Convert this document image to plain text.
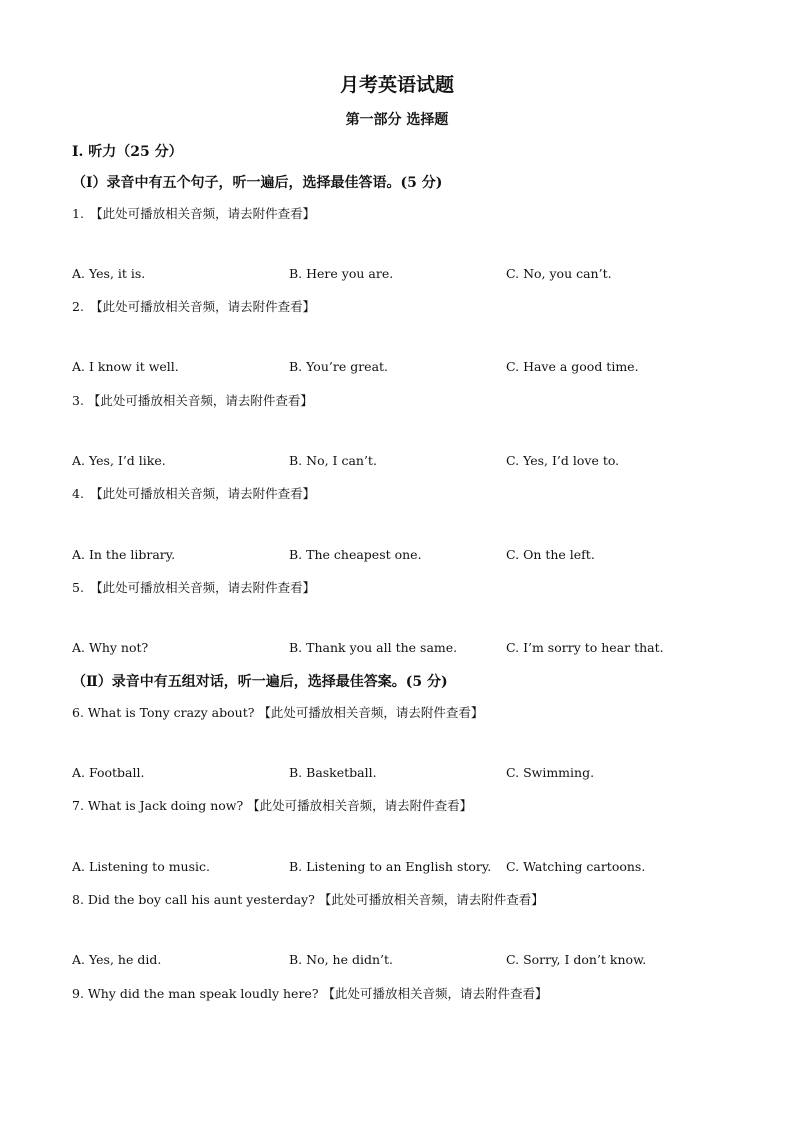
月考英语试题
第一部分 选择题
Ⅰ. 听力（25 分）
（Ⅰ）录音中有五个句子，听一遍后，选择最佳答语。(5 分)
1.　【此处可播放相关音频，请去附件查看】
A. Yes, it is.	B. Here you are.	C. No, you can’t.
2.　【此处可播放相关音频，请去附件查看】
A. I know it well.	B. You’re great.	C. Have a good time.
3. 【此处可播放相关音频，请去附件查看】
A. Yes, I’d like.	B. No, I can’t.	C. Yes, I’d love to.
4.　【此处可播放相关音频，请去附件查看】
A. In the library.	B. The cheapest one.	C. On the left.
5.　【此处可播放相关音频，请去附件查看】
A. Why not?	B. Thank you all the same.	C. I’m sorry to hear that.
（Ⅱ）录音中有五组对话，听一遍后，选择最佳答案。(5 分)
6. What is Tony crazy about? 【此处可播放相关音频，请去附件查看】
A. Football.	B. Basketball.	C. Swimming.
7. What is Jack doing now? 【此处可播放相关音频，请去附件查看】
A. Listening to music.	B. Listening to an English story. C. Watching cartoons.
8. Did the boy call his aunt yesterday? 【此处可播放相关音频，请去附件查看】
A. Yes, he did.	B. No, he didn’t.	C. Sorry, I don’t know.
9. Why did the man speak loudly here? 【此处可播放相关音频，请去附件查看】
